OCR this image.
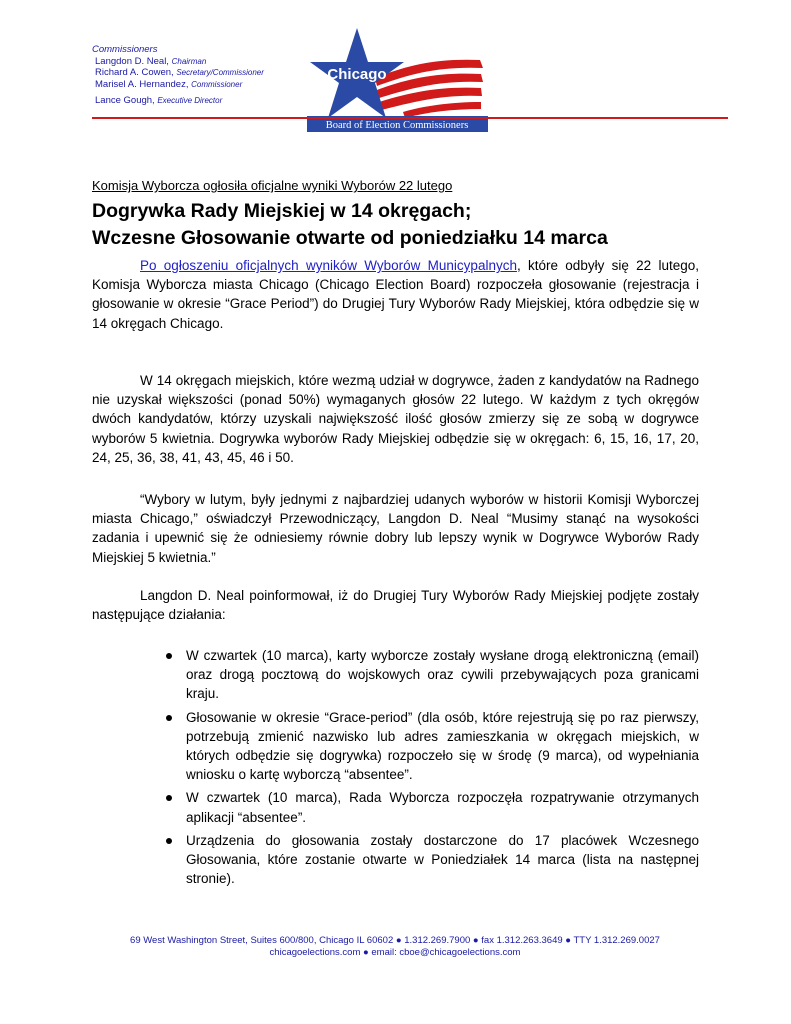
Commissioners
Langdon D. Neal, Chairman
Richard A. Cowen, Secretary/Commissioner
Marisel A. Hernandez, Commissioner
Lance Gough, Executive Director
Chicago
Board of Election Commissioners
Komisja Wyborcza ogłosiła oficjalne wyniki Wyborów 22 lutego
Dogrywka Rady Miejskiej w 14 okręgach;
Wczesne Głosowanie otwarte od poniedziałku 14 marca

Po ogłoszeniu oficjalnych wyników Wyborów Municypalnych, które odbyły się 22 lutego, Komisja Wyborcza miasta Chicago (Chicago Election Board) rozpoczeła głosowanie (rejestracja i głosowanie w okresie “Grace Period”) do Drugiej Tury Wyborów Rady Miejskiej, która odbędzie się w 14 okręgach Chicago.

W 14 okręgach miejskich, które wezmą udział w dogrywce, żaden z kandydatów na Radnego nie uzyskał większości (ponad 50%) wymaganych głosów 22 lutego. W każdym z tych okręgów dwóch kandydatów, którzy uzyskali największość ilość głosów zmierzy się ze sobą w dogrywce wyborów 5 kwietnia. Dogrywka wyborów Rady Miejskiej odbędzie się w okręgach: 6, 15, 16, 17, 20, 24, 25, 36, 38, 41, 43, 45, 46 i 50.

“Wybory w lutym, były jednymi z najbardziej udanych wyborów w historii Komisji Wyborczej miasta Chicago,” oświadczył Przewodniczący, Langdon D. Neal “Musimy stanąć na wysokości zadania i upewnić się że odniesiemy równie dobry lub lepszy wynik w Dogrywce Wyborów Rady Miejskiej 5 kwietnia.”

Langdon D. Neal poinformował, iż do Drugiej Tury Wyborów Rady Miejskiej podjęte zostały następujące działania:

W czwartek (10 marca), karty wyborcze zostały wysłane drogą elektroniczną (email) oraz drogą pocztową do wojskowych oraz cywili przebywających poza granicami kraju.
Głosowanie w okresie “Grace-period” (dla osób, które rejestrują się po raz pierwszy, potrzebują zmienić nazwisko lub adres zamieszkania w okręgach miejskich, w których odbędzie się dogrywka) rozpoczeło się w środę (9 marca), od wypełniania wniosku o kartę wyborczą “absentee”.
W czwartek (10 marca), Rada Wyborcza rozpoczęła rozpatrywanie otrzymanych aplikacji “absentee”.
Urządzenia do głosowania zostały dostarczone do 17 placówek Wczesnego Głosowania, które zostanie otwarte w Poniedziałek 14 marca (lista na następnej stronie).
69 West Washington Street, Suites 600/800, Chicago IL 60602 ● 1.312.269.7900 ● fax 1.312.263.3649 ● TTY 1.312.269.0027
chicagoelections.com ● email: cboe@chicagoelections.com
